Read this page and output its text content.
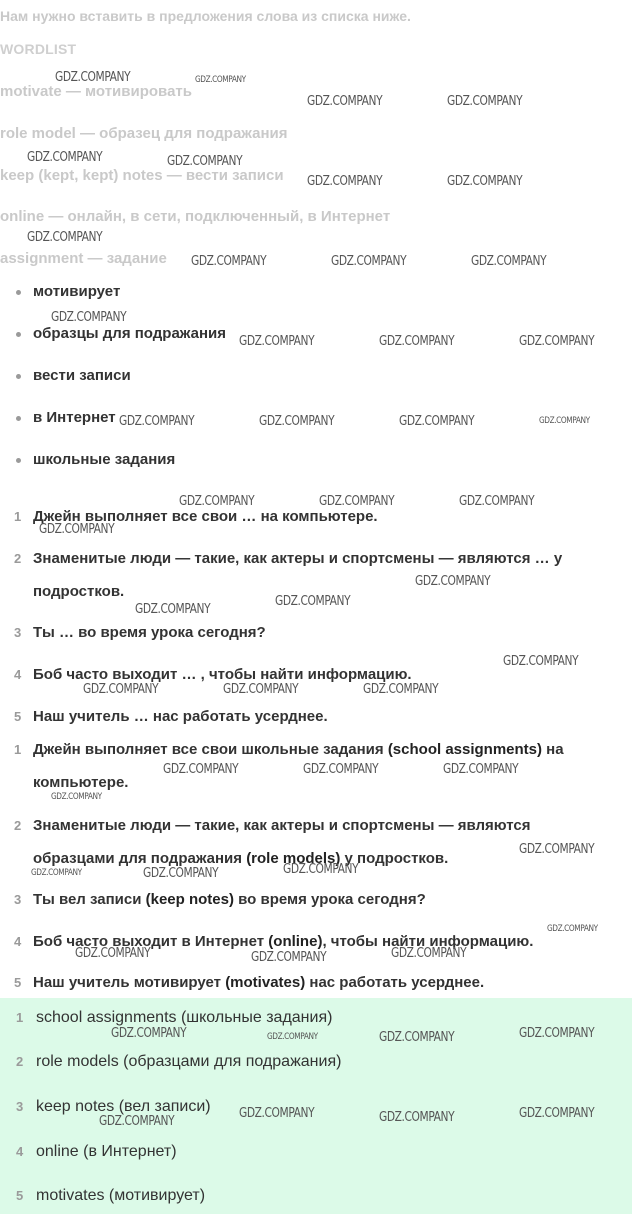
Нам нужно вставить в предложения слова из списка ниже.
WORDLIST
motivate — мотивировать
role model — образец для подражания
keep (kept, kept) notes — вести записи
online — онлайн, в сети, подключенный, в Интернет
assignment — задание
мотивирует
образцы для подражания
вести записи
в Интернет
школьные задания
1 Джейн выполняет все свои … на компьютере.
2 Знаменитые люди — такие, как актеры и спортсмены — являются … у подростков.
3 Ты … во время урока сегодня?
4 Боб часто выходит … , чтобы найти информацию.
5 Наш учитель … нас работать усерднее.
1 Джейн выполняет все свои школьные задания (school assignments) на компьютере.
2 Знаменитые люди — такие, как актеры и спортсмены — являются образцами для подражания (role models) у подростков.
3 Ты вел записи (keep notes) во время урока сегодня?
4 Боб часто выходит в Интернет (online), чтобы найти информацию.
5 Наш учитель мотивирует (motivates) нас работать усерднее.
1 school assignments (школьные задания)
2 role models (образцами для подражания)
3 keep notes (вел записи)
4 online (в Интернет)
5 motivates (мотивирует)
GDZ.COMPANY	GDZ.COMPANY
GDZ.COMPANY	GDZ.COMPANY
GDZ.COMPANY	GDZ.COMPANY
GDZ.COMPANY	GDZ.COMPANY
GDZ.COMPANY
GDZ.COMPANY	GDZ.COMPANY	GDZ.COMPANY
GDZ.COMPANY
GDZ.COMPANY	GDZ.COMPANY	GDZ.COMPANY
GDZ.COMPANY	GDZ.COMPANY	GDZ.COMPANY	GDZ.COMPANY
GDZ.COMPANY	GDZ.COMPANY	GDZ.COMPANY
GDZ.COMPANY
GDZ.COMPANY
GDZ.COMPANY
GDZ.COMPANY
GDZ.COMPANY
GDZ.COMPANY	GDZ.COMPANY	GDZ.COMPANY
GDZ.COMPANY	GDZ.COMPANY	GDZ.COMPANY
GDZ.COMPANY
GDZ.COMPANY
GDZ.COMPANY
GDZ.COMPANY	GDZ.COMPANY
GDZ.COMPANY
GDZ.COMPANY	GDZ.COMPANY
GDZ.COMPANY
GDZ.COMPANY	GDZ.COMPANY	GDZ.COMPANY	GDZ.COMPANY
GDZ.COMPANY	GDZ.COMPANY	GDZ.COMPANY
GDZ.COMPANY
